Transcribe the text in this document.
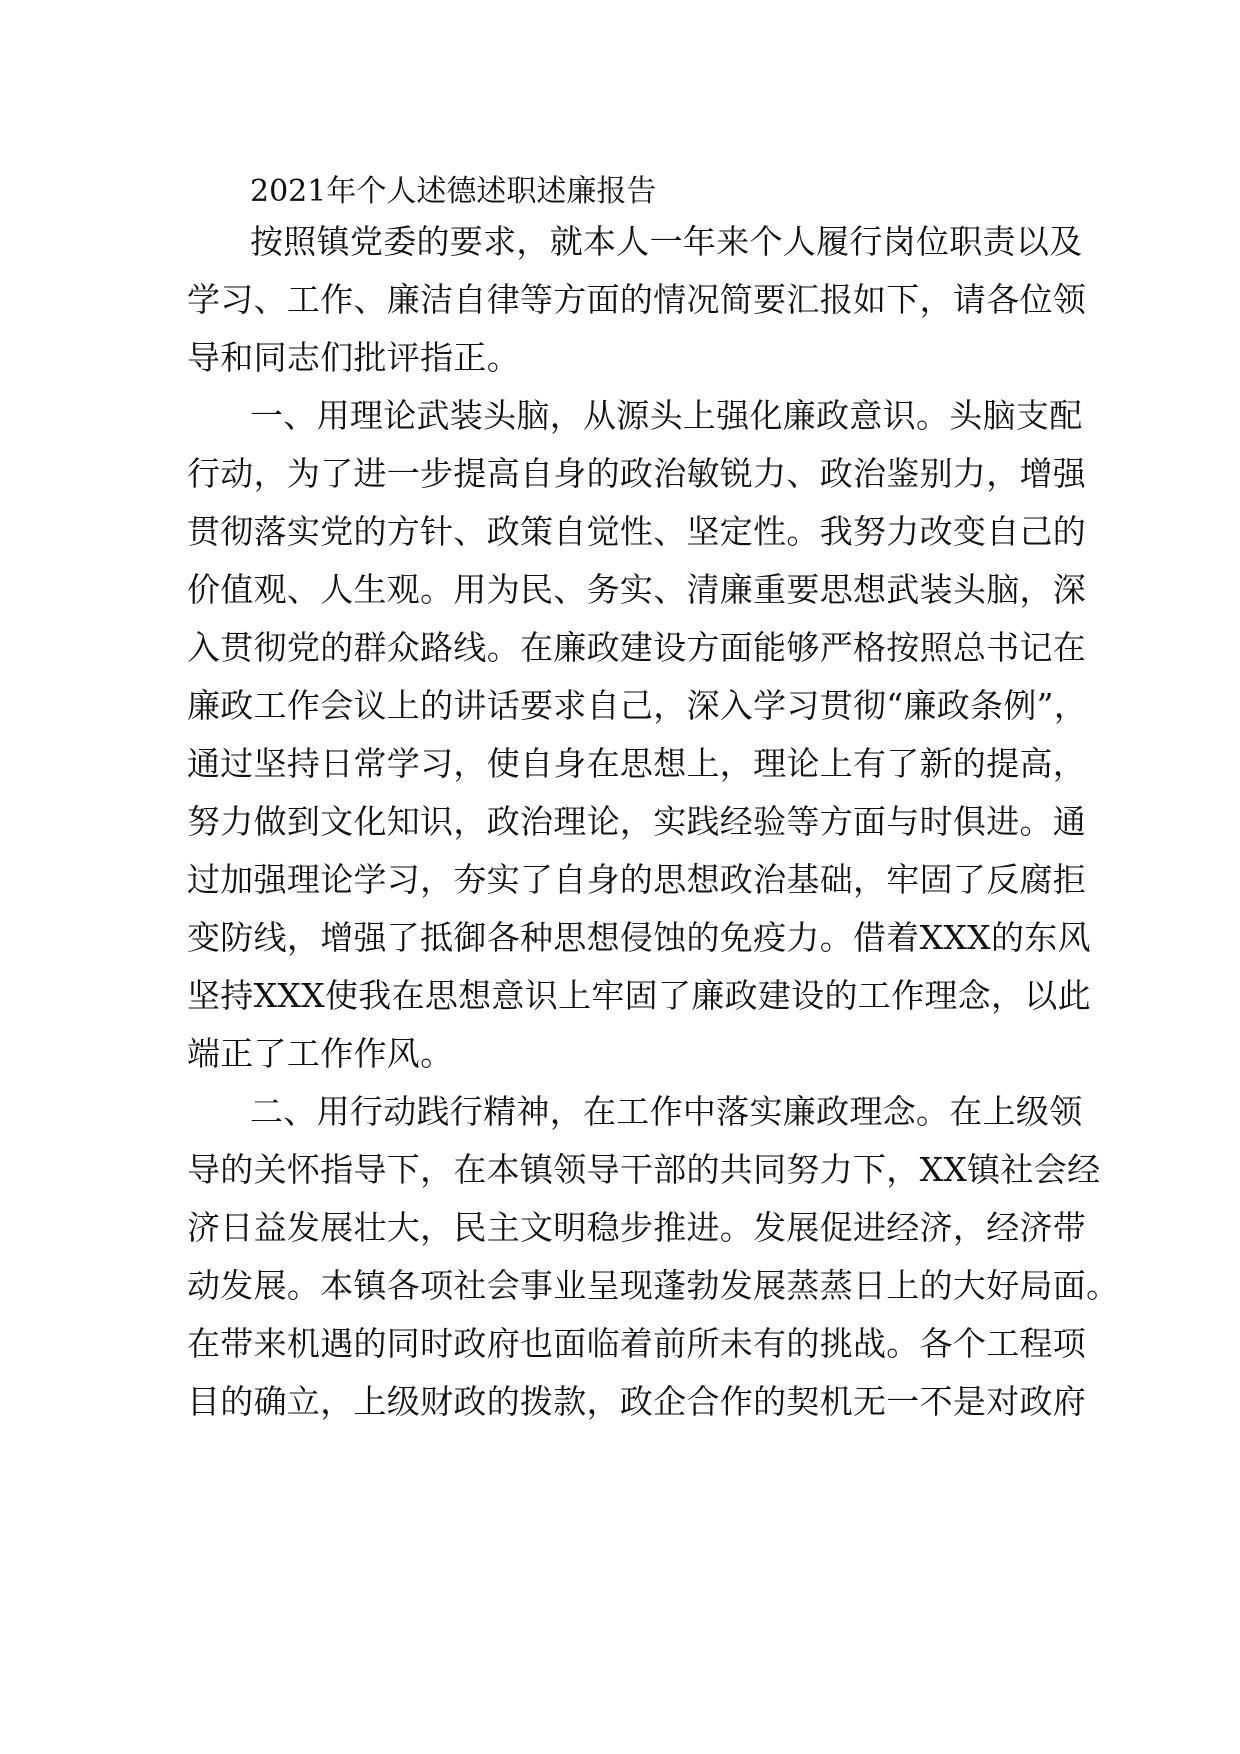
2021年个人述德述职述廉报告
按照镇党委的要求，就本人一年来个人履行岗位职责以及
学习、工作、廉洁自律等方面的情况简要汇报如下，请各位领
导和同志们批评指正。
一、用理论武装头脑，从源头上强化廉政意识。头脑支配
行动，为了进一步提高自身的政治敏锐力、政治鉴别力，增强
贯彻落实党的方针、政策自觉性、坚定性。我努力改变自己的
价值观、人生观。用为民、务实、清廉重要思想武装头脑，深
入贯彻党的群众路线。在廉政建设方面能够严格按照总书记在
廉政工作会议上的讲话要求自己，深入学习贯彻“廉政条例”，
通过坚持日常学习，使自身在思想上，理论上有了新的提高，
努力做到文化知识，政治理论，实践经验等方面与时俱进。通
过加强理论学习，夯实了自身的思想政治基础，牢固了反腐拒
变防线，增强了抵御各种思想侵蚀的免疫力。借着XXX的东风
坚持XXX使我在思想意识上牢固了廉政建设的工作理念，以此
端正了工作作风。
二、用行动践行精神，在工作中落实廉政理念。在上级领
导的关怀指导下，在本镇领导干部的共同努力下，XX镇社会经
济日益发展壮大，民主文明稳步推进。发展促进经济，经济带
动发展。本镇各项社会事业呈现蓬勃发展蒸蒸日上的大好局面。
在带来机遇的同时政府也面临着前所未有的挑战。各个工程项
目的确立，上级财政的拨款，政企合作的契机无一不是对政府
